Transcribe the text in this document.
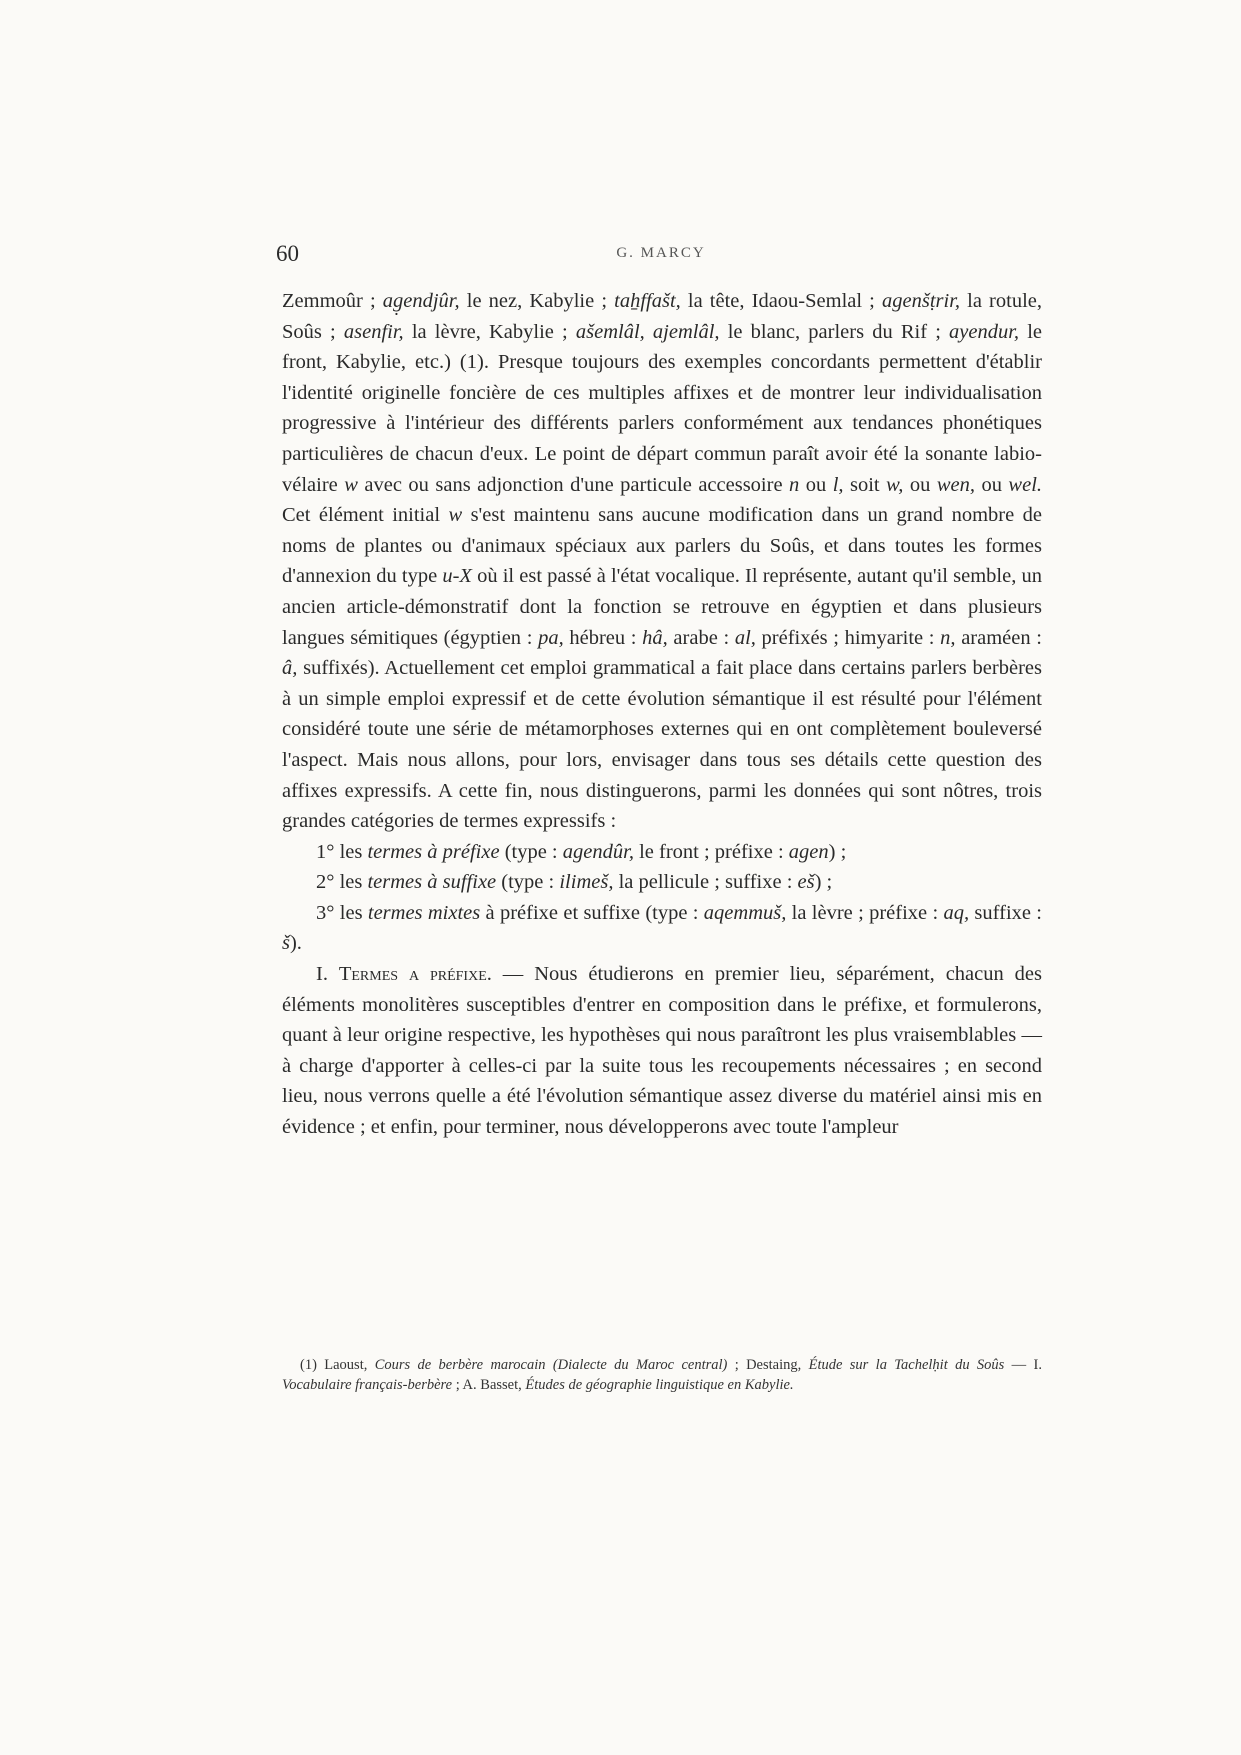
60	G. MARCY

Zemmoûr ; ag̣endjûr, le nez, Kabylie ; taẖffašt, la tête, Idaou-Semlal ; agenšṭrir, la rotule, Soûs ; asenfir, la lèvre, Kabylie ; ašemlâl, ajemlâl, le blanc, parlers du Rif ; ayendur, le front, Kabylie, etc.) (1). Presque toujours des exemples concordants permettent d'établir l'identité originelle foncière de ces multiples affixes et de montrer leur individualisation progressive à l'intérieur des différents parlers conformément aux tendances phonétiques particulières de chacun d'eux. Le point de départ commun paraît avoir été la sonante labio-vélaire w avec ou sans adjonction d'une particule accessoire n ou l, soit w, ou wen, ou wel. Cet élément initial w s'est maintenu sans aucune modification dans un grand nombre de noms de plantes ou d'animaux spéciaux aux parlers du Soûs, et dans toutes les formes d'annexion du type u-X où il est passé à l'état vocalique. Il représente, autant qu'il semble, un ancien article-démonstratif dont la fonction se retrouve en égyptien et dans plusieurs langues sémitiques (égyptien : pa, hébreu : hâ, arabe : al, préfixés ; himyarite : n, araméen : â, suffixés). Actuellement cet emploi grammatical a fait place dans certains parlers berbères à un simple emploi expressif et de cette évolution sémantique il est résulté pour l'élément considéré toute une série de métamorphoses externes qui en ont complètement bouleversé l'aspect. Mais nous allons, pour lors, envisager dans tous ses détails cette question des affixes expressifs. A cette fin, nous distinguerons, parmi les données qui sont nôtres, trois grandes catégories de termes expressifs :

1° les termes à préfixe (type : agendûr, le front ; préfixe : agen) ;

2° les termes à suffixe (type : ilimeš, la pellicule ; suffixe : eš) ;

3° les termes mixtes à préfixe et suffixe (type : aqemmuš, la lèvre ; préfixe : aq, suffixe : š).

I. Termes a préfixe. — Nous étudierons en premier lieu, séparément, chacun des éléments monolitères susceptibles d'entrer en composition dans le préfixe, et formulerons, quant à leur origine respective, les hypothèses qui nous paraîtront les plus vraisemblables — à charge d'apporter à celles-ci par la suite tous les recoupements nécessaires ; en second lieu, nous verrons quelle a été l'évolution sémantique assez diverse du matériel ainsi mis en évidence ; et enfin, pour terminer, nous développerons avec toute l'ampleur

(1) Laoust, Cours de berbère marocain (Dialecte du Maroc central) ; Destaing, Étude sur la Tachelḥit du Soûs — I. Vocabulaire français-berbère ; A. Basset, Études de géographie linguistique en Kabylie.
